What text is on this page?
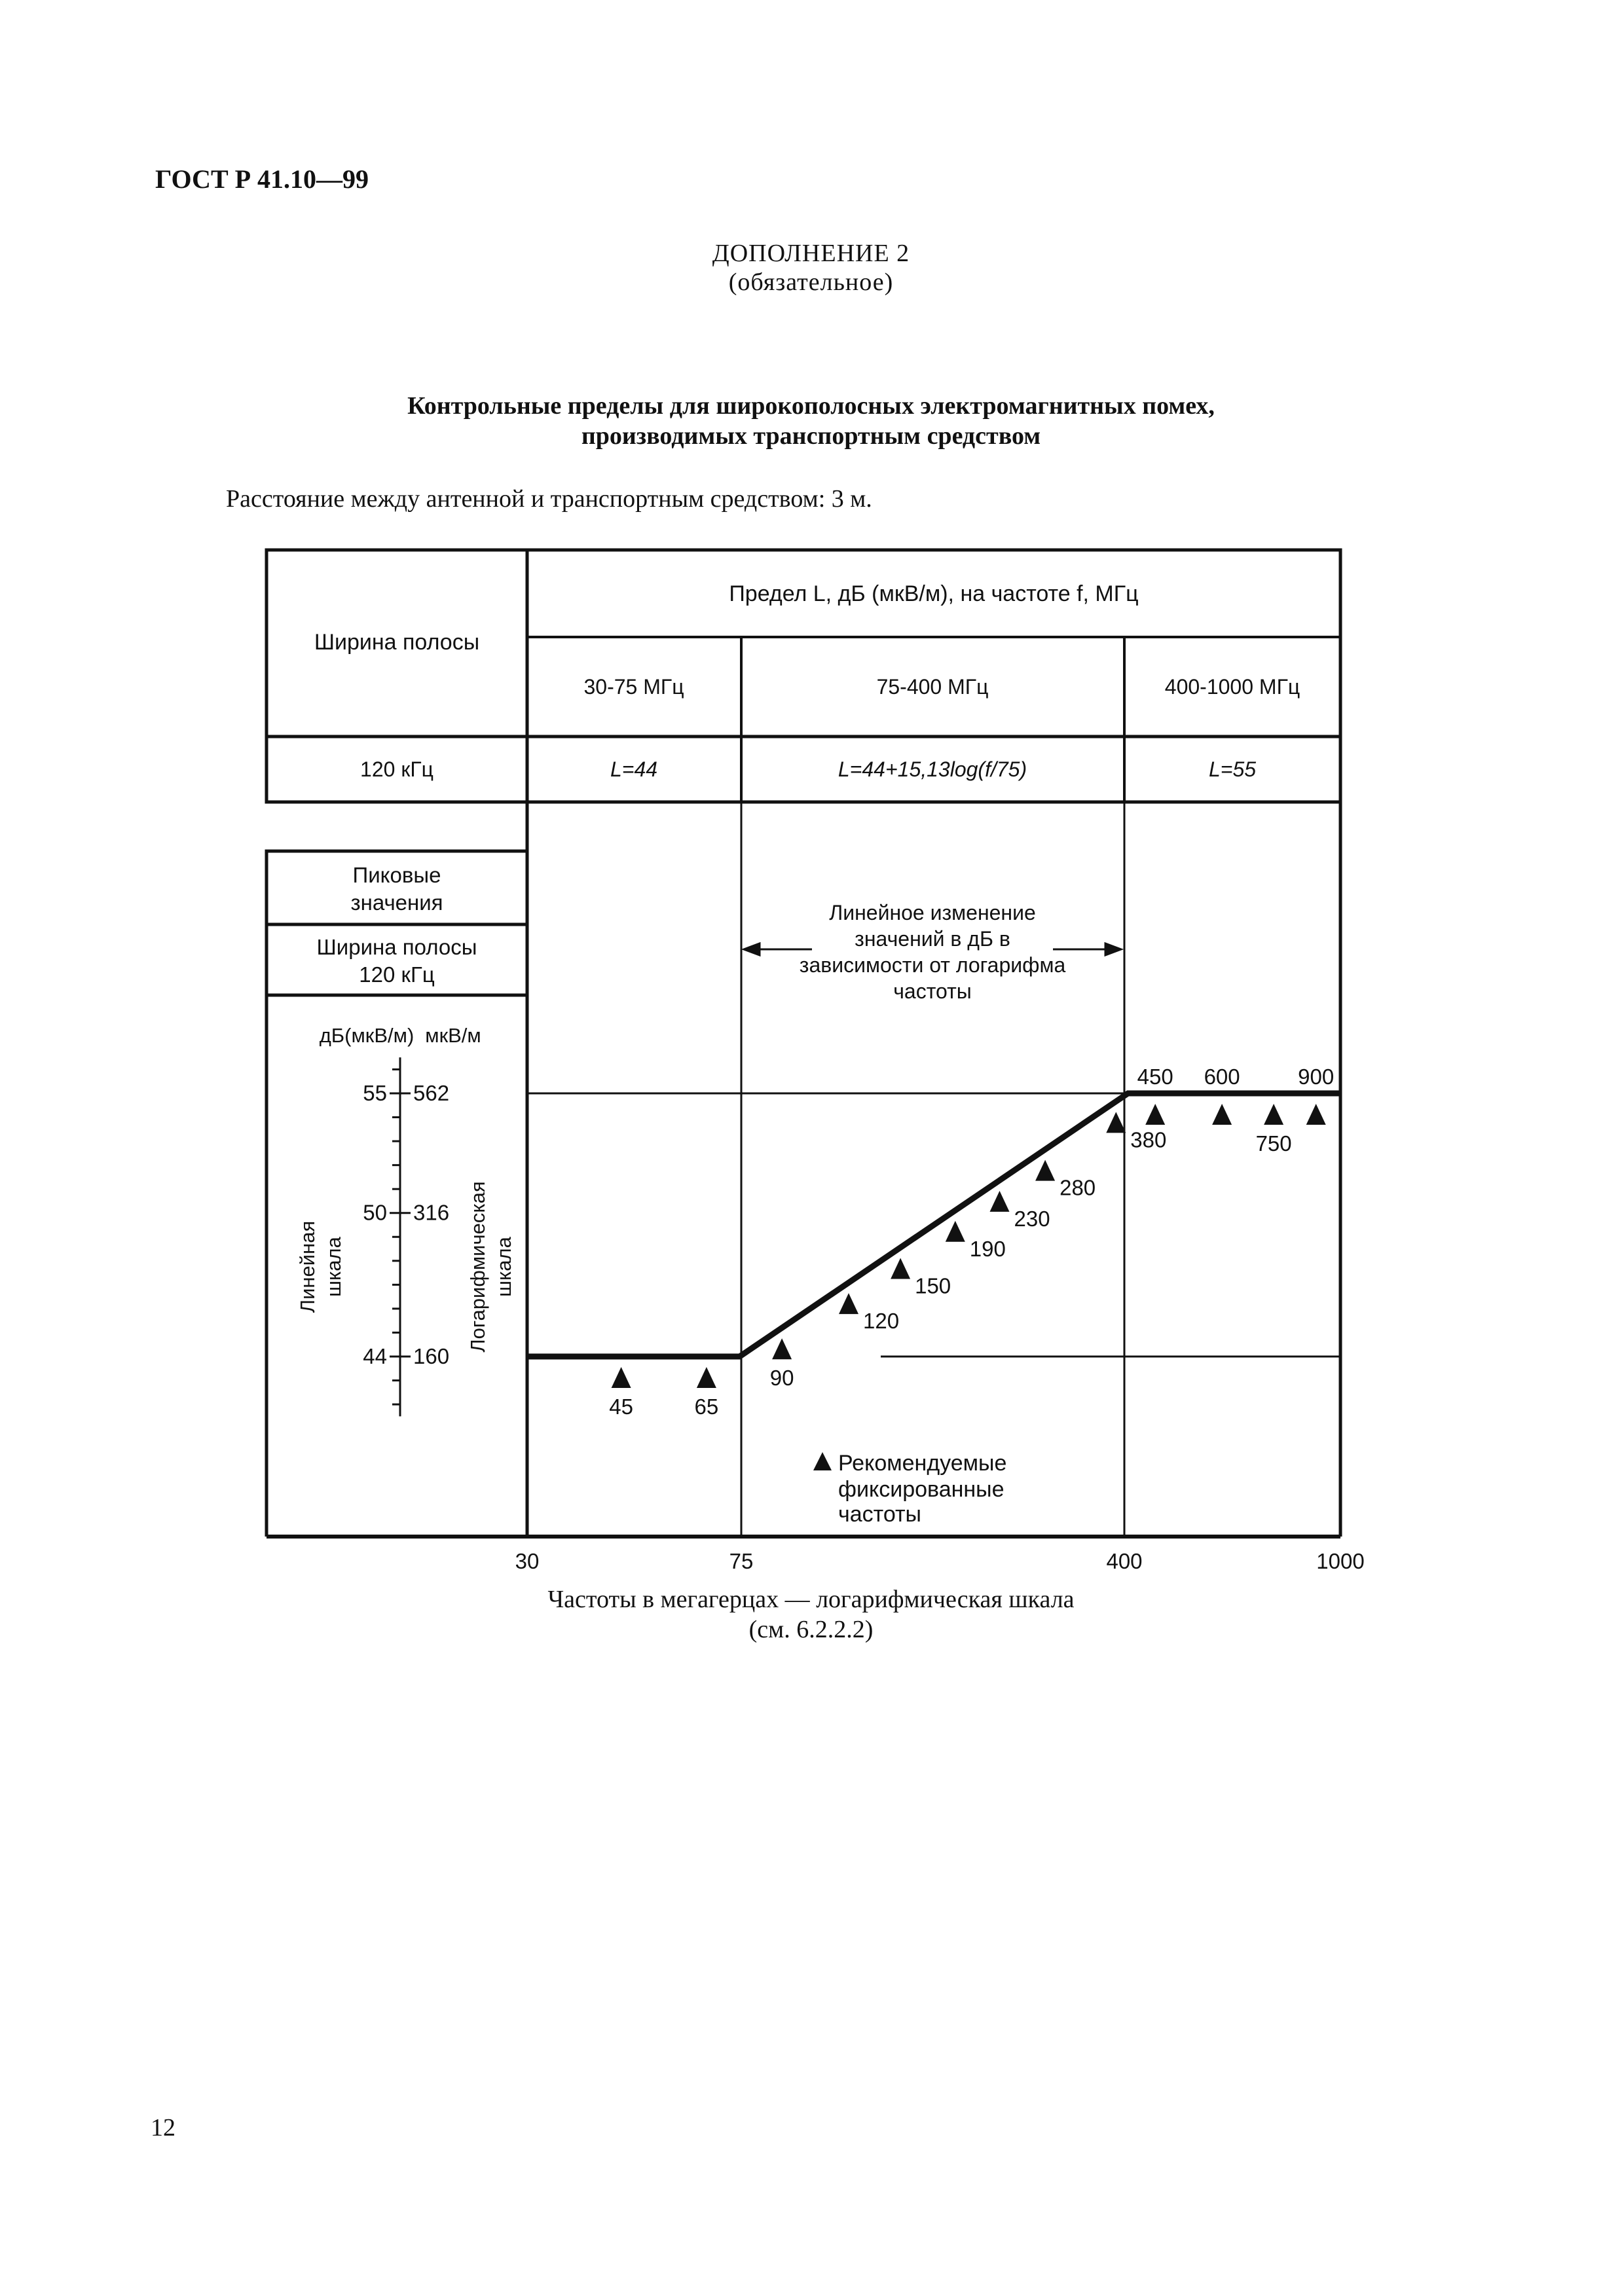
ГОСТ Р 41.10—99
ДОПОЛНЕНИЕ 2
(обязательное)
Контрольные пределы для широкополосных электромагнитных помех,
производимых транспортным средством
Расстояние между антенной и транспортным средством: 3 м.
Ширина полосы
Предел L, дБ (мкВ/м), на частоте f, МГц
30-75 МГц	75-400 МГц	400-1000 МГц
120 кГц	L=44	L=44+15,13log(f/75)	L=55
Пиковые
значения
Ширина полосы
120 кГц
дБ(мкВ/м) мкВ/м
55 562
50 316
44 160
Линейная шкала	Логарифмическая шкала
Линейное изменение
значений в дБ в
зависимости от логарифма
частоты
45	65
90
120
150
190
230
280
380
450 600
750
900
Рекомендуемые
фиксированные
частоты
30	75	400	1000
Частоты в мегагерцах — логарифмическая шкала
(см. 6.2.2.2)
12
